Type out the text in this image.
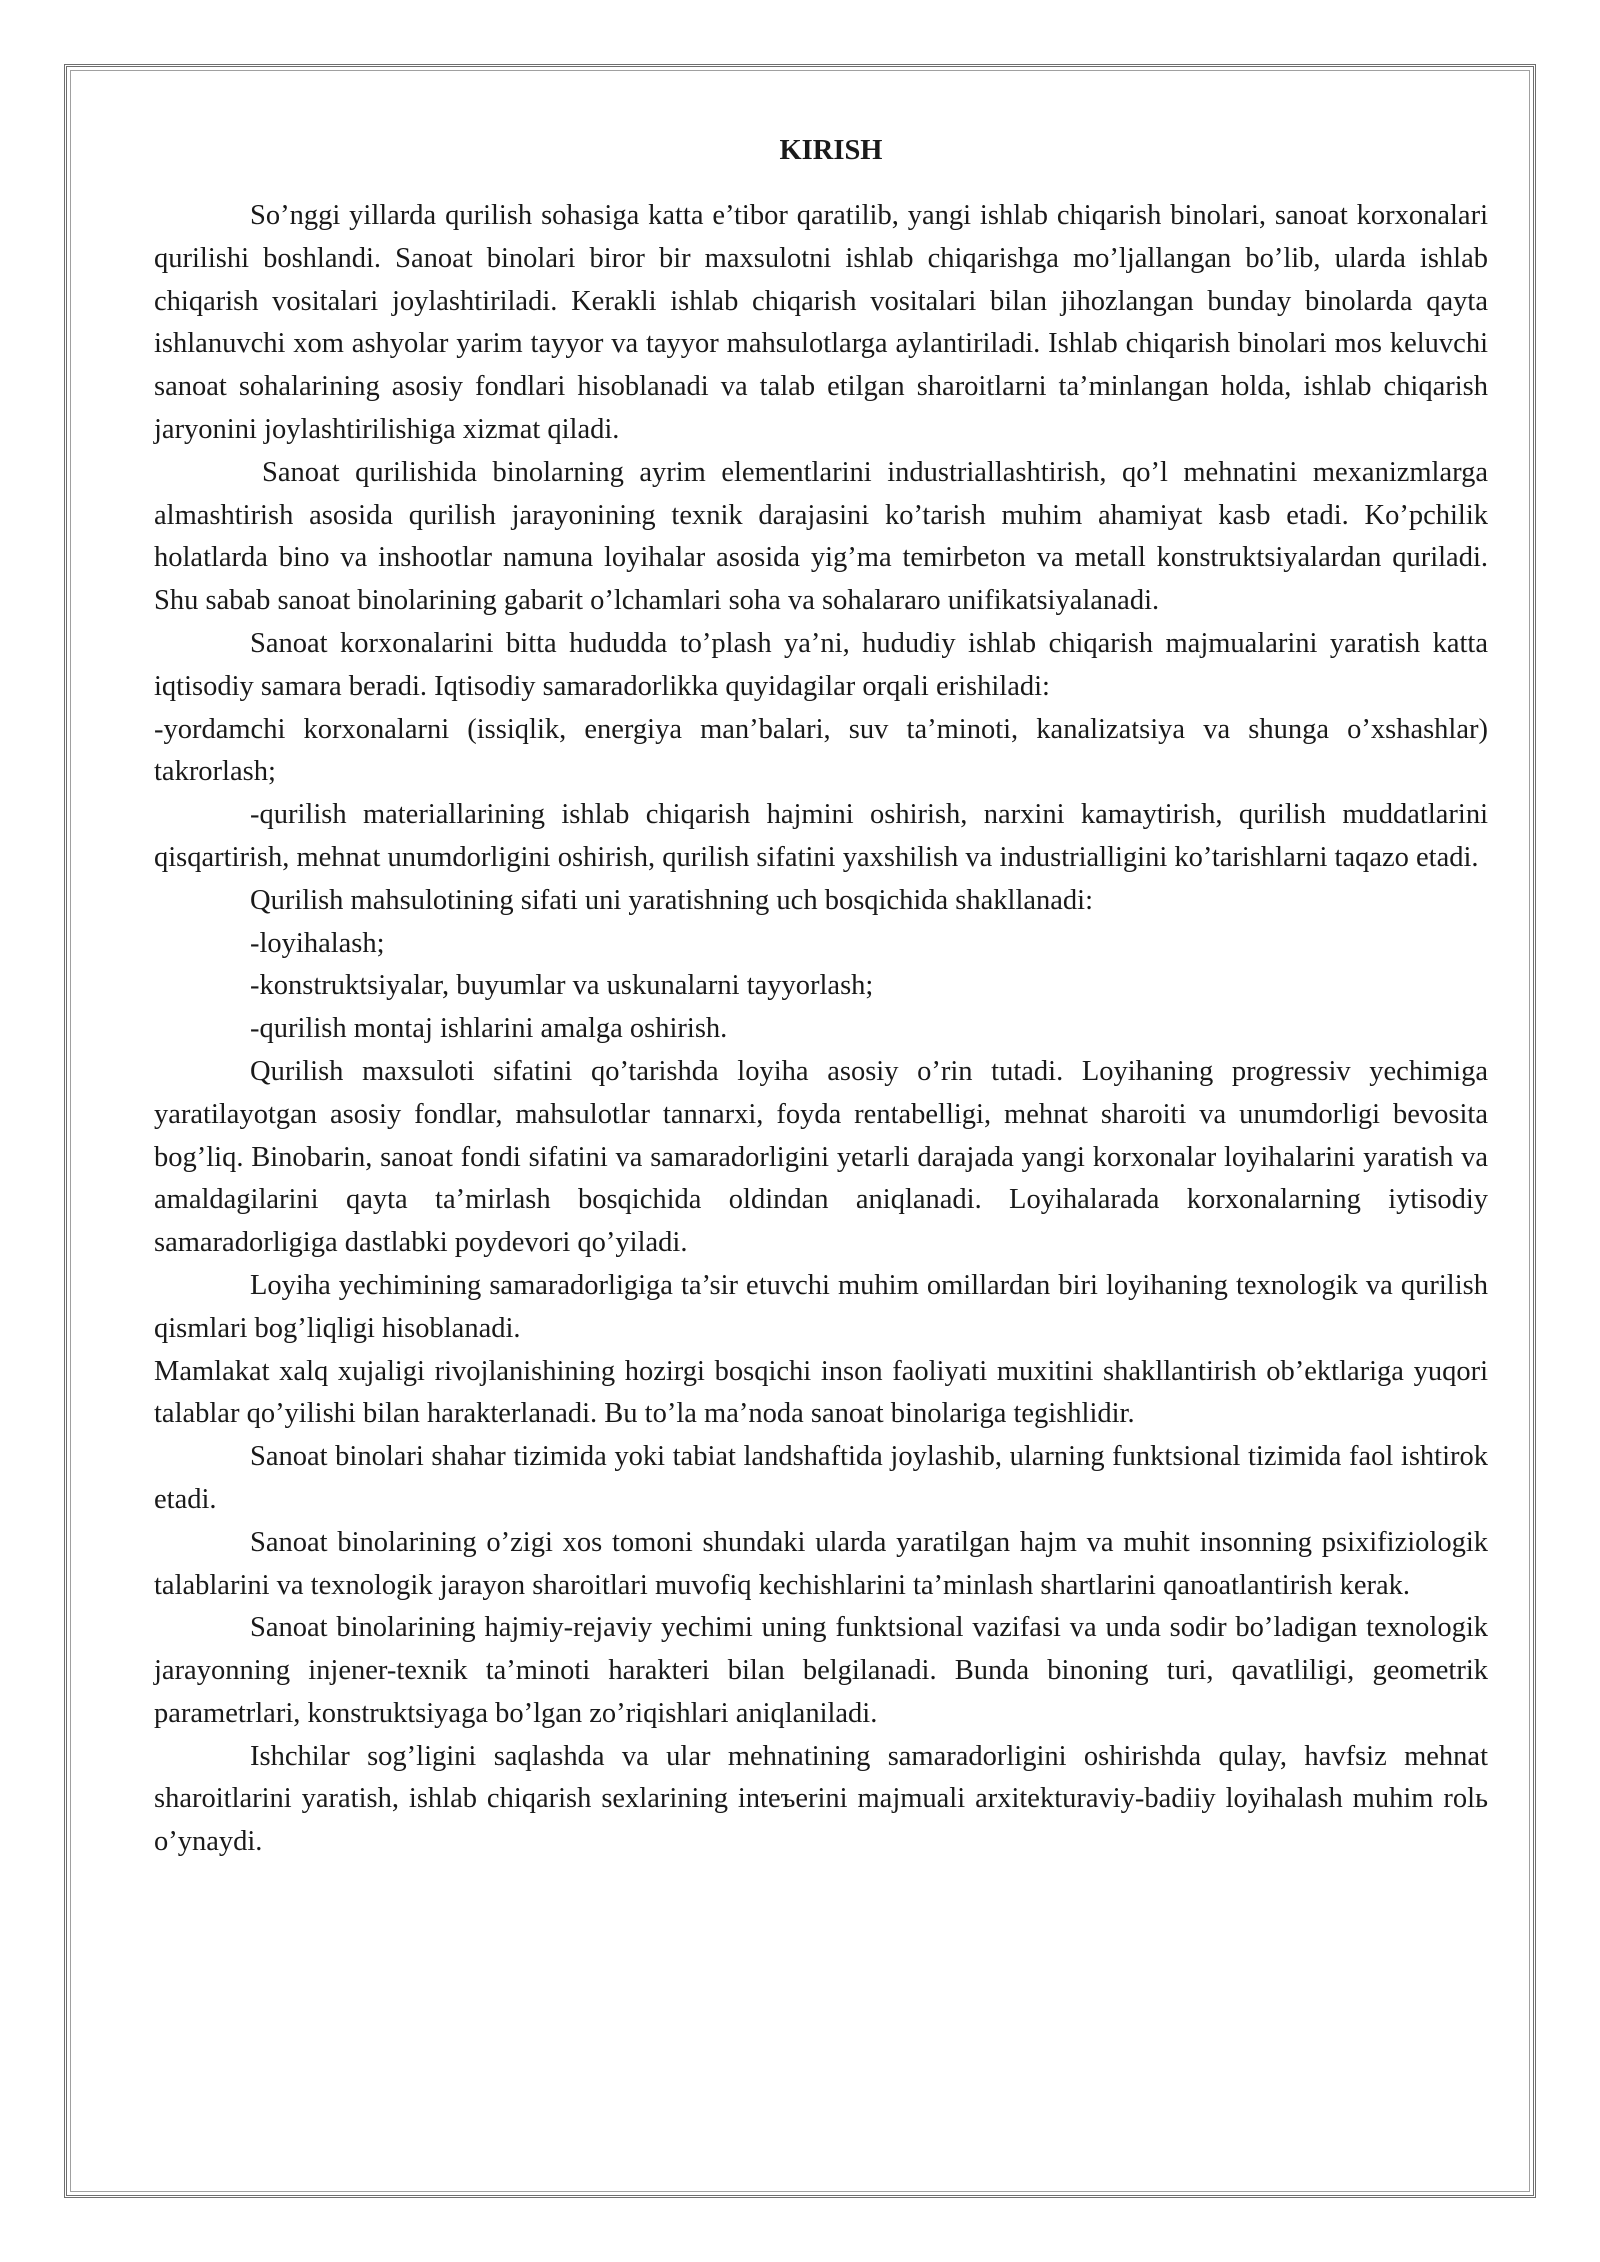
KIRISH

So’nggi yillarda qurilish sohasiga katta e’tibor qaratilib, yangi ishlab chiqarish binolari, sanoat korxonalari qurilishi boshlandi. Sanoat binolari biror bir maxsulotni ishlab chiqarishga mo’ljallangan bo’lib, ularda ishlab chiqarish vositalari joylashtiriladi. Kerakli ishlab chiqarish vositalari bilan jihozlangan bunday binolarda qayta ishlanuvchi xom ashyolar yarim tayyor va tayyor mahsulotlarga aylantiriladi. Ishlab chiqarish binolari mos keluvchi sanoat sohalarining asosiy fondlari hisoblanadi va talab etilgan sharoitlarni ta’minlangan holda, ishlab chiqarish jaryonini joylashtirilishiga xizmat qiladi.

Sanoat qurilishida binolarning ayrim elementlarini industriallashtirish, qo’l mehnatini mexanizmlarga almashtirish asosida qurilish jarayonining texnik darajasini ko’tarish muhim ahamiyat kasb etadi. Ko’pchilik holatlarda bino va inshootlar namuna loyihalar asosida yig’ma temirbeton va metall konstruktsiyalardan quriladi. Shu sabab sanoat binolarining gabarit o’lchamlari soha va sohalararo unifikatsiyalanadi.

Sanoat korxonalarini bitta hududda to’plash ya’ni, hududiy ishlab chiqarish majmualarini yaratish katta iqtisodiy samara beradi. Iqtisodiy samaradorlikka quyidagilar orqali erishiladi:

-yordamchi korxonalarni (issiqlik, energiya man’balari, suv ta’minoti, kanalizatsiya va shunga o’xshashlar) takrorlash;

-qurilish materiallarining ishlab chiqarish hajmini oshirish, narxini kamaytirish, qurilish muddatlarini qisqartirish, mehnat unumdorligini oshirish, qurilish sifatini yaxshilish va industrialligini ko’tarishlarni taqazo etadi.

Qurilish mahsulotining sifati uni yaratishning uch bosqichida shakllanadi:

-loyihalash;

-konstruktsiyalar, buyumlar va uskunalarni tayyorlash;

-qurilish montaj ishlarini amalga oshirish.

Qurilish maxsuloti sifatini qo’tarishda loyiha asosiy o’rin tutadi. Loyihaning progressiv yechimiga yaratilayotgan asosiy fondlar, mahsulotlar tannarxi, foyda rentabelligi, mehnat sharoiti va unumdorligi bevosita bog’liq. Binobarin, sanoat fondi sifatini va samaradorligini yetarli darajada yangi korxonalar loyihalarini yaratish va amaldagilarini qayta ta’mirlash bosqichida oldindan aniqlanadi. Loyihalarada korxonalarning iytisodiy samaradorligiga dastlabki poydevori qo’yiladi.

Loyiha yechimining samaradorligiga ta’sir etuvchi muhim omillardan biri loyihaning texnologik va qurilish qismlari bog’liqligi hisoblanadi.

Mamlakat xalq xujaligi rivojlanishining hozirgi bosqichi inson faoliyati muxitini shakllantirish ob’ektlariga yuqori talablar qo’yilishi bilan harakterlanadi. Bu to’la ma’noda sanoat binolariga tegishlidir.

Sanoat binolari shahar tizimida yoki tabiat landshaftida joylashib, ularning funktsional tizimida faol ishtirok etadi.

Sanoat binolarining o’zigi xos tomoni shundaki ularda yaratilgan hajm va muhit insonning psixifiziologik talablarini va texnologik jarayon sharoitlari muvofiq kechishlarini ta’minlash shartlarini qanoatlantirish kerak.

Sanoat binolarining hajmiy-rejaviy yechimi uning funktsional vazifasi va unda sodir bo’ladigan texnologik jarayonning injener-texnik ta’minoti harakteri bilan belgilanadi. Bunda binoning turi, qavatliligi, geometrik parametrlari, konstruktsiyaga bo’lgan zo’riqishlari aniqlaniladi.

Ishchilar sog’ligini saqlashda va ular mehnatining samaradorligini oshirishda qulay, havfsiz mehnat sharoitlarini yaratish, ishlab chiqarish sexlarining inteъerini majmuali arxitekturaviy-badiiy loyihalash muhim rolь o’ynaydi.
